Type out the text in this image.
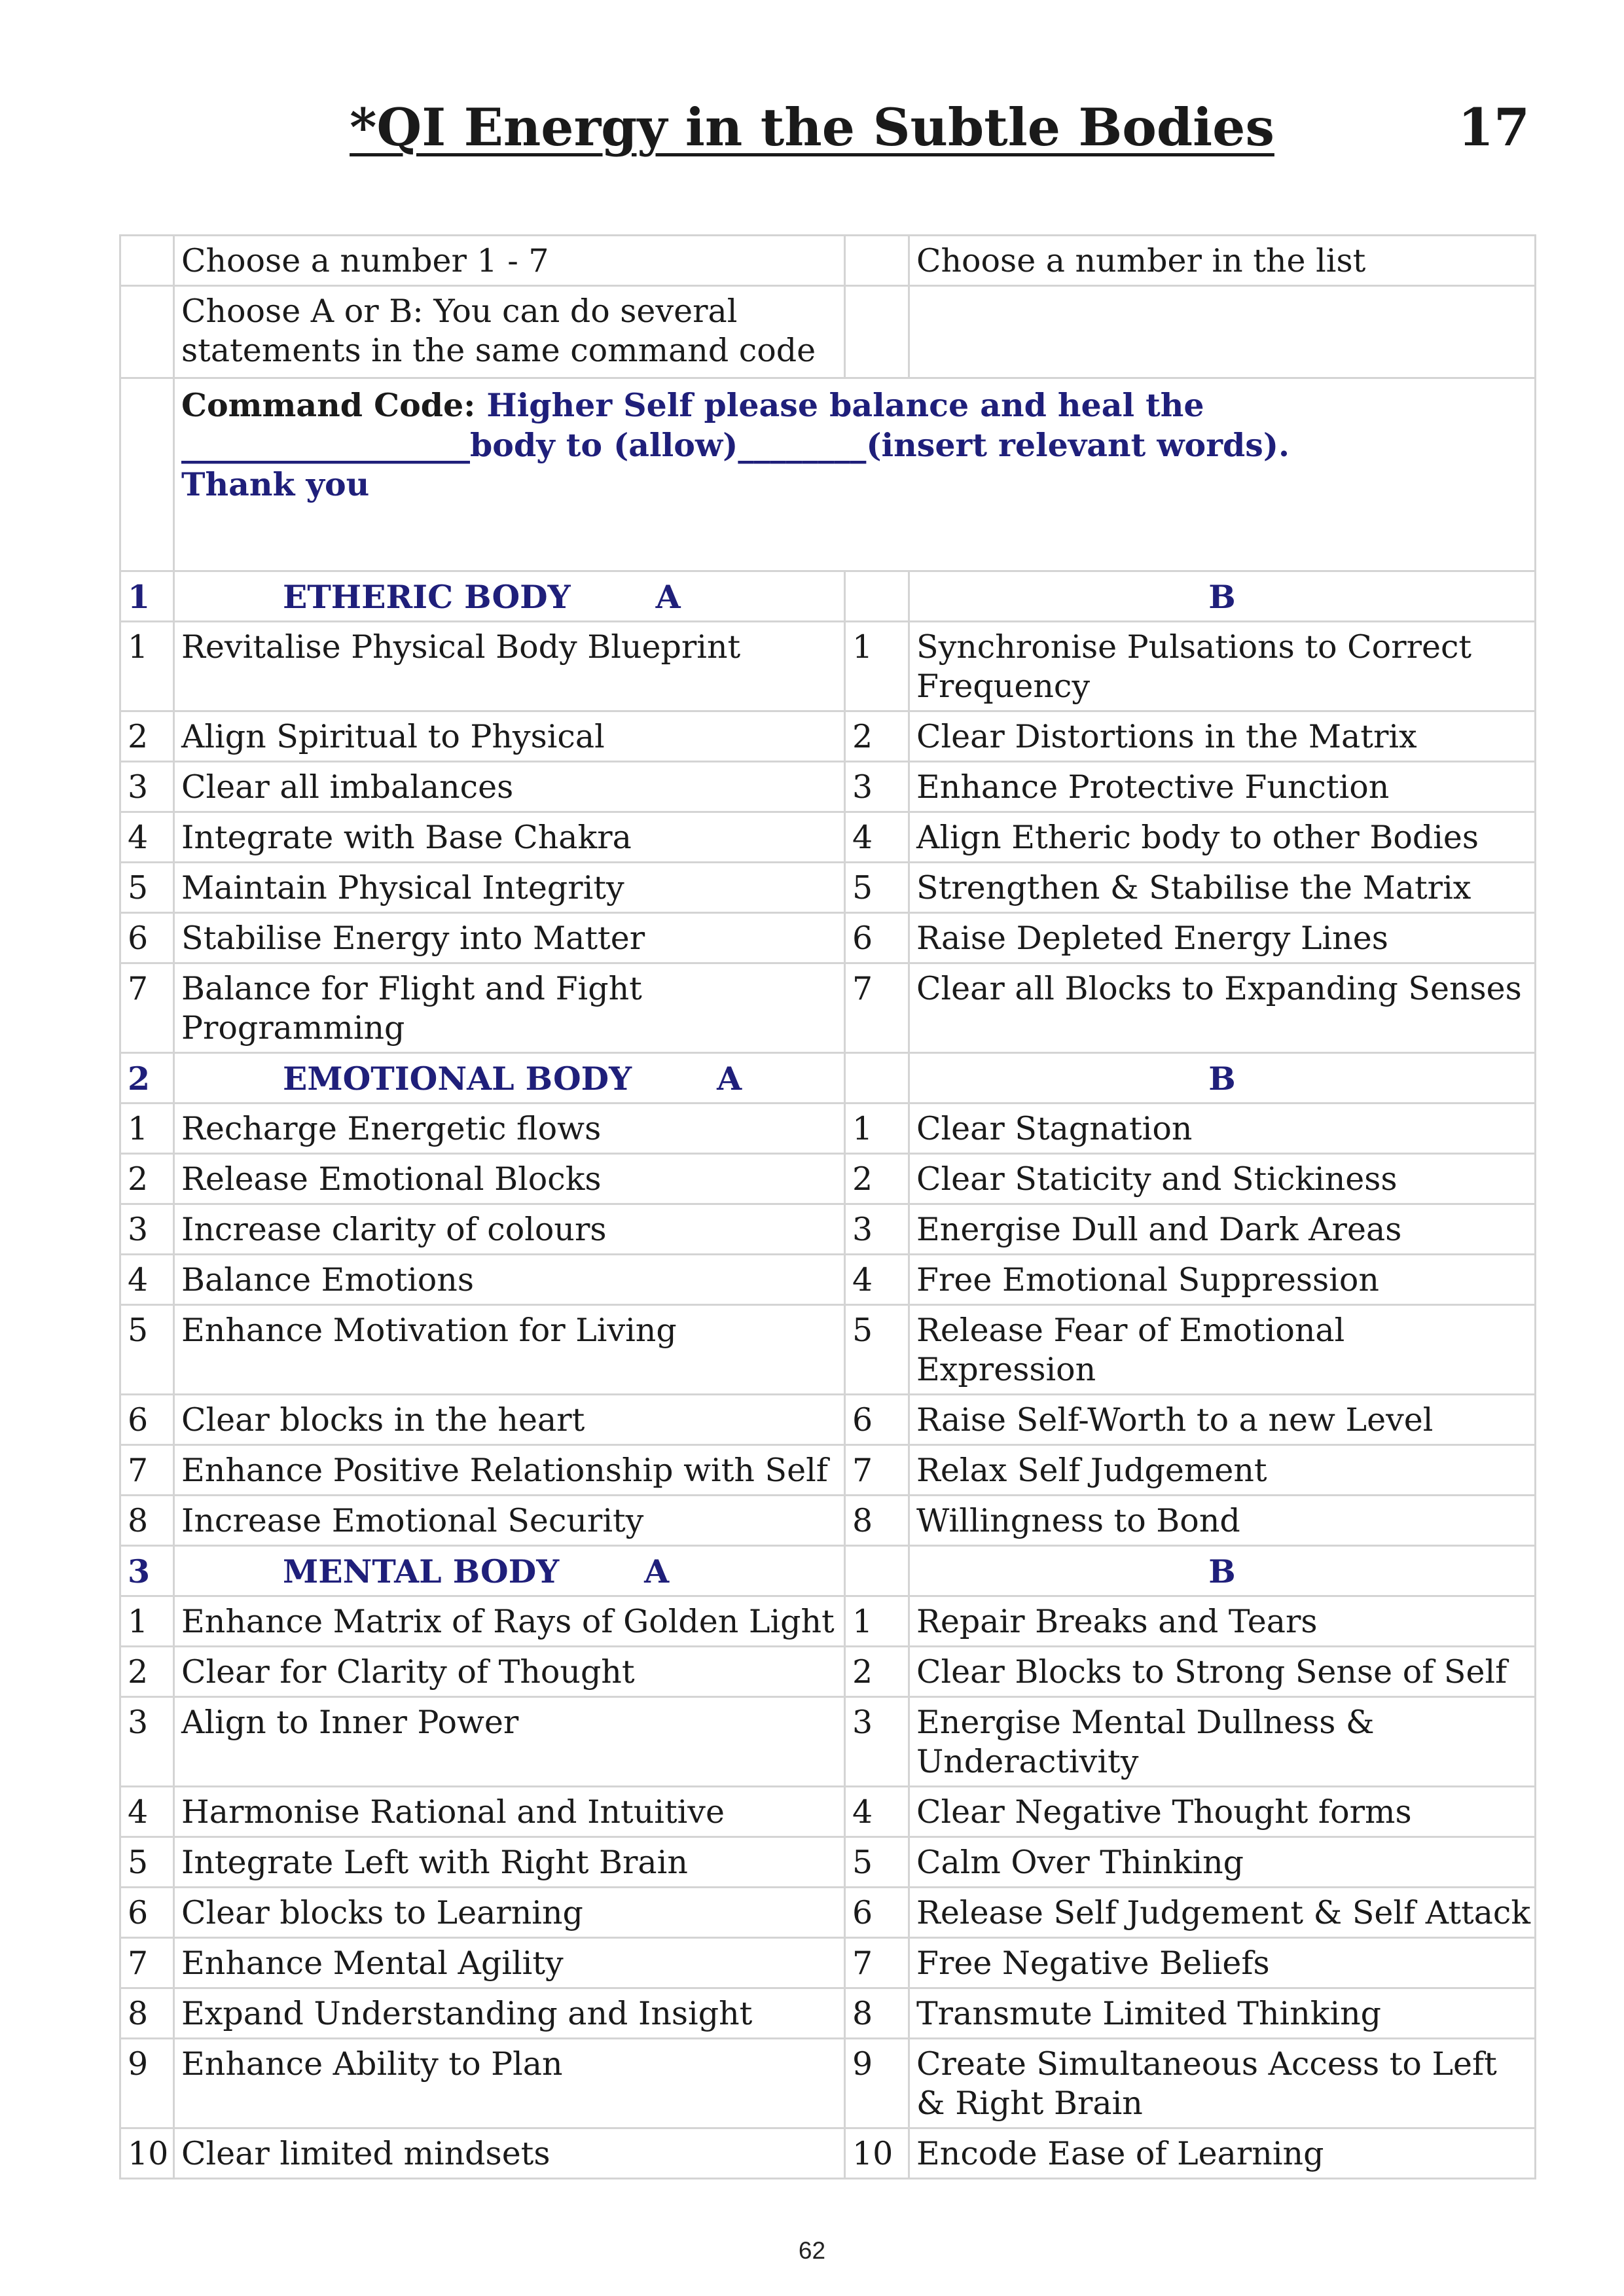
*QI Energy in the Subtle Bodies	17
	Choose a number 1 - 7		Choose a number in the list
	Choose A or B: You can do several statements in the same command code		

	Command Code: Higher Self please balance and heal the
__________________body to (allow)________(insert relevant words).
Thank you		

1	ETHERIC BODY A		B
1	Revitalise Physical Body Blueprint	1	Synchronise Pulsations to Correct Frequency
2	Align Spiritual to Physical	2	Clear Distortions in the Matrix
3	Clear all imbalances	3	Enhance Protective Function
4	Integrate with Base Chakra	4	Align Etheric body to other Bodies
5	Maintain Physical Integrity	5	Strengthen & Stabilise the Matrix
6	Stabilise Energy into Matter	6	Raise Depleted Energy Lines
7	Balance for Flight and Fight Programming	7	Clear all Blocks to Expanding Senses
2	EMOTIONAL BODY A		B
1	Recharge Energetic flows	1	Clear Stagnation
2	Release Emotional Blocks	2	Clear Staticity and Stickiness
3	Increase clarity of colours	3	Energise Dull and Dark Areas
4	Balance Emotions	4	Free Emotional Suppression
5	Enhance Motivation for Living	5	Release Fear of Emotional Expression
6	Clear blocks in the heart	6	Raise Self-Worth to a new Level
7	Enhance Positive Relationship with Self	7	Relax Self Judgement
8	Increase Emotional Security	8	Willingness to Bond
3	MENTAL BODY A		B
1	Enhance Matrix of Rays of Golden Light	1	Repair Breaks and Tears
2	Clear for Clarity of Thought	2	Clear Blocks to Strong Sense of Self
3	Align to Inner Power	3	Energise Mental Dullness & Underactivity
4	Harmonise Rational and Intuitive	4	Clear Negative Thought forms
5	Integrate Left with Right Brain	5	Calm Over Thinking
6	Clear blocks to Learning	6	Release Self Judgement & Self Attack
7	Enhance Mental Agility	7	Free Negative Beliefs
8	Expand Understanding and Insight	8	Transmute Limited Thinking
9	Enhance Ability to Plan	9	Create Simultaneous Access to Left & Right Brain
10	Clear limited mindsets	10	Encode Ease of Learning
62
